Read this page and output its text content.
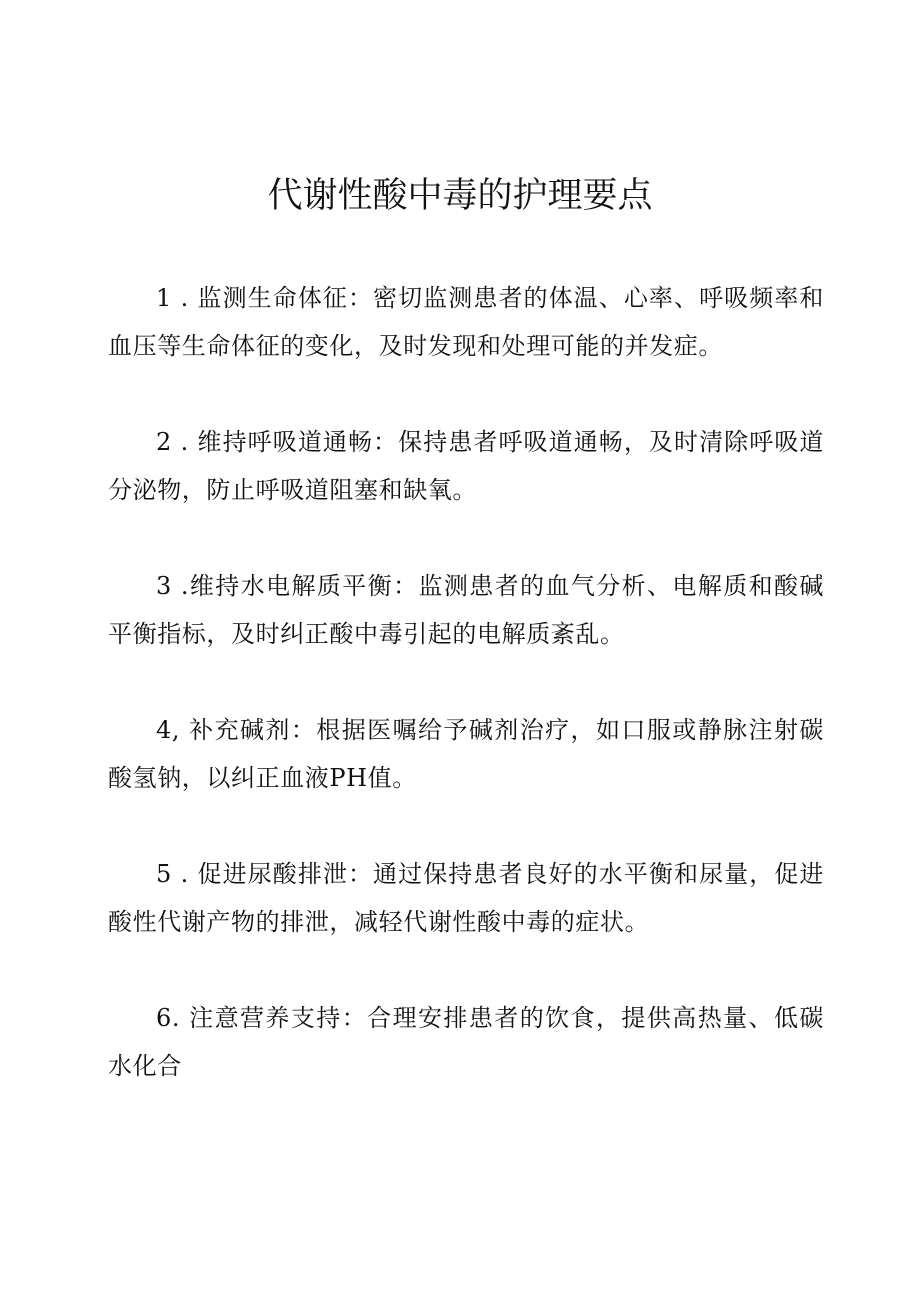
代谢性酸中毒的护理要点

1 . 监测生命体征：密切监测患者的体温、心率、呼吸频率和血压等生命体征的变化，及时发现和处理可能的并发症。

2 . 维持呼吸道通畅：保持患者呼吸道通畅，及时清除呼吸道分泌物，防止呼吸道阻塞和缺氧。

3 .维持水电解质平衡：监测患者的血气分析、电解质和酸碱平衡指标，及时纠正酸中毒引起的电解质紊乱。

4, 补充碱剂：根据医嘱给予碱剂治疗，如口服或静脉注射碳酸氢钠，以纠正血液PH值。

5 . 促进尿酸排泄：通过保持患者良好的水平衡和尿量，促进酸性代谢产物的排泄，减轻代谢性酸中毒的症状。

6. 注意营养支持：合理安排患者的饮食，提供高热量、低碳水化合
